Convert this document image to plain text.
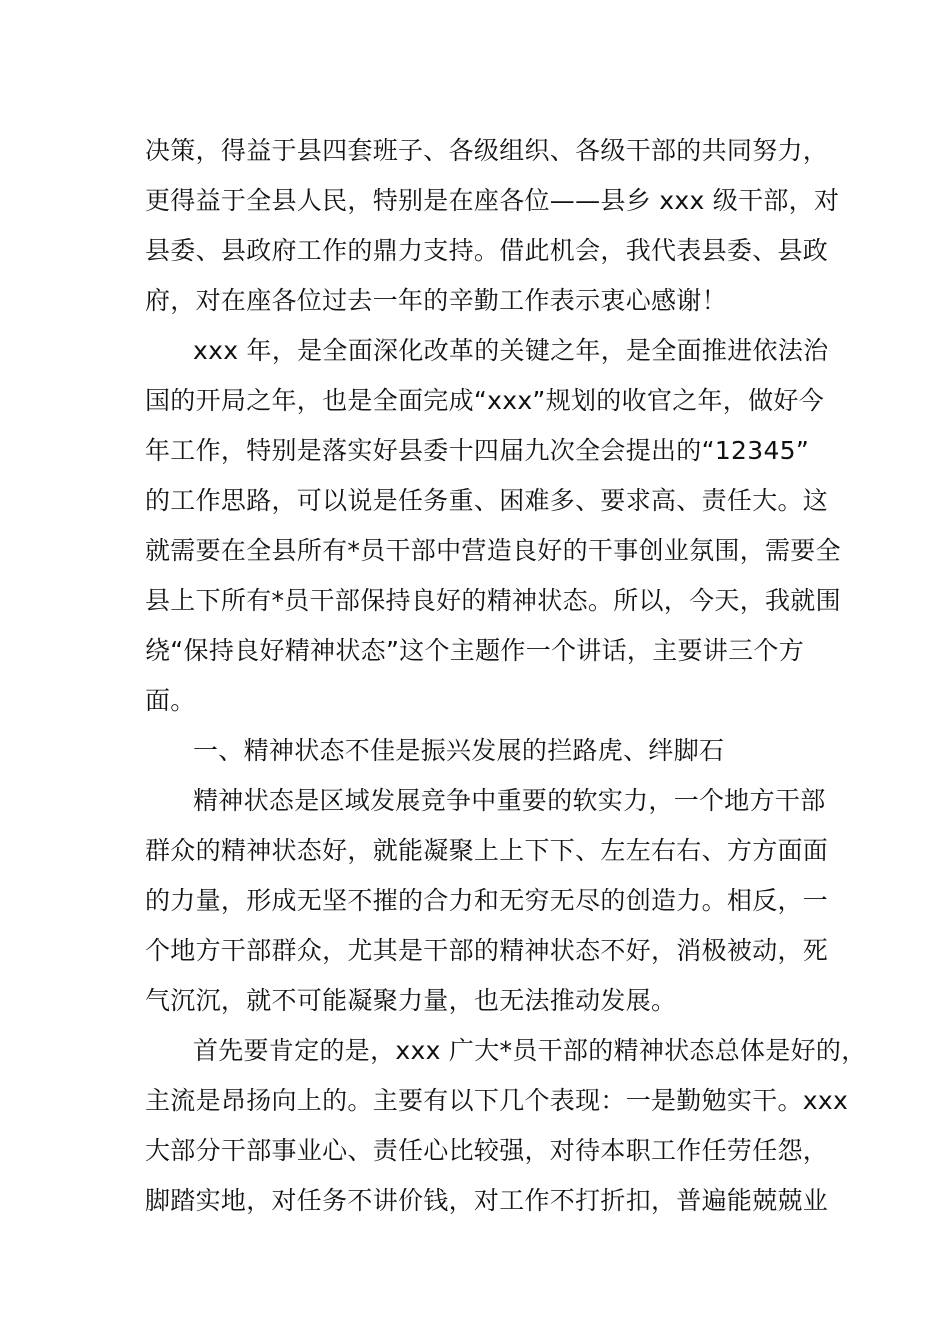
决策，得益于县四套班子、各级组织、各级干部的共同努力，
更得益于全县人民，特别是在座各位——县乡 xxx 级干部，对
县委、县政府工作的鼎力支持。借此机会，我代表县委、县政
府，对在座各位过去一年的辛勤工作表示衷心感谢！
xxx 年，是全面深化改革的关键之年，是全面推进依法治
国的开局之年，也是全面完成“xxx”规划的收官之年，做好今
年工作，特别是落实好县委十四届九次全会提出的“12345”
的工作思路，可以说是任务重、困难多、要求高、责任大。这
就需要在全县所有*员干部中营造良好的干事创业氛围，需要全
县上下所有*员干部保持良好的精神状态。所以，今天，我就围
绕“保持良好精神状态”这个主题作一个讲话，主要讲三个方
面。
一、精神状态不佳是振兴发展的拦路虎、绊脚石
精神状态是区域发展竞争中重要的软实力，一个地方干部
群众的精神状态好，就能凝聚上上下下、左左右右、方方面面
的力量，形成无坚不摧的合力和无穷无尽的创造力。相反，一
个地方干部群众，尤其是干部的精神状态不好，消极被动，死
气沉沉，就不可能凝聚力量，也无法推动发展。
首先要肯定的是，xxx 广大*员干部的精神状态总体是好的，
主流是昂扬向上的。主要有以下几个表现：一是勤勉实干。xxx
大部分干部事业心、责任心比较强，对待本职工作任劳任怨，
脚踏实地，对任务不讲价钱，对工作不打折扣，普遍能兢兢业
